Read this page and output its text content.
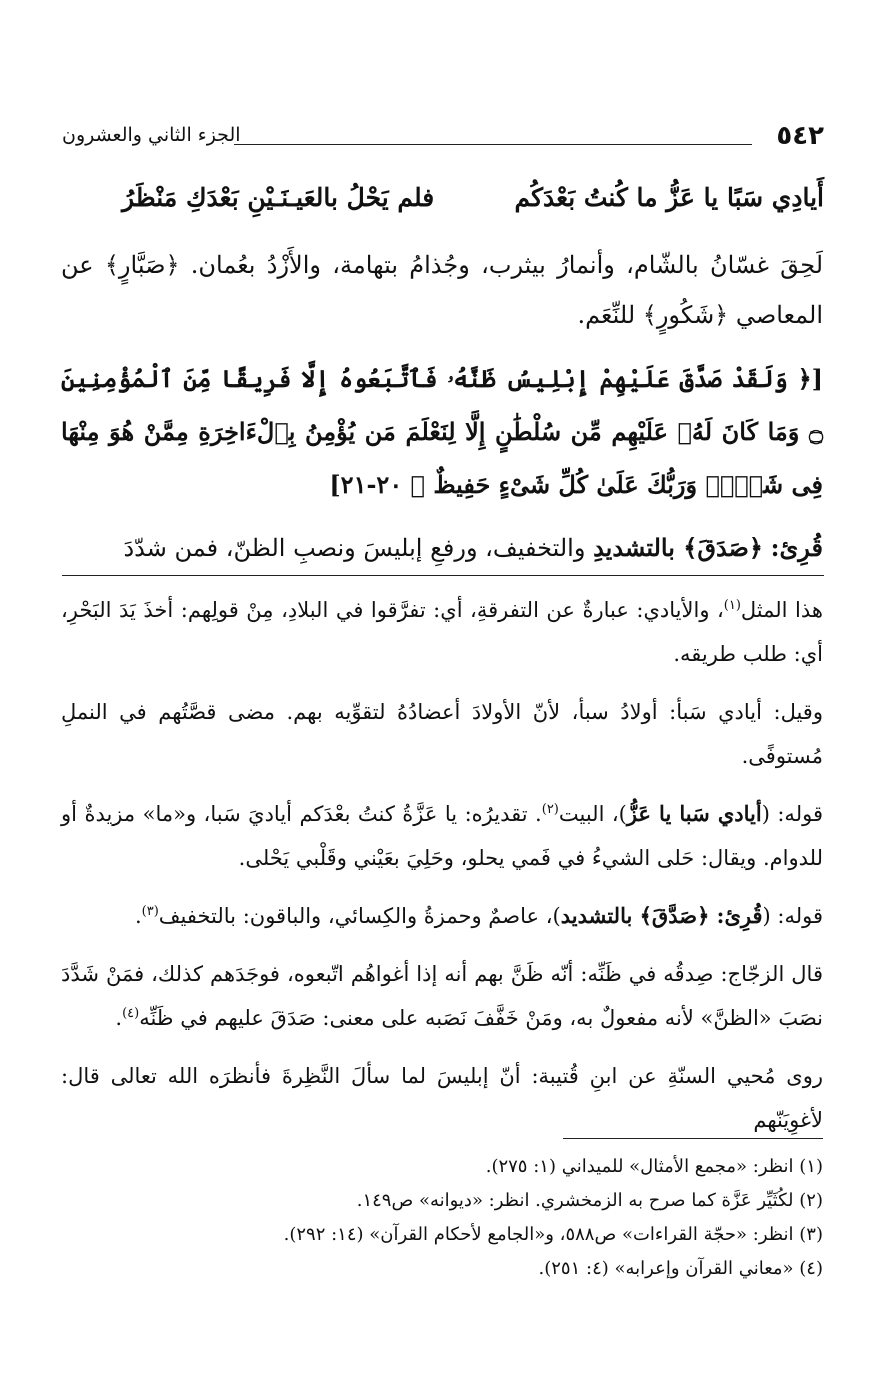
٥٤٢
الجزء الثاني والعشرون
أَيادِي سَبًا يا عَزُّ ما كُنتُ بَعْدَكُم
فلم يَحْلُ بالعَيـنَـيْنِ بَعْدَكِ مَنْظَرُ

لَحِقَ غسّانُ بالشّام، وأنمارُ بيثرب، وجُذامُ بتهامة، والأَزْدُ بعُمان. ﴿صَبَّارٍ﴾ عن المعاصي ﴿شَكُورٍ﴾ للنِّعَم.

[﴿ وَلَقَدْ صَدَّقَ عَلَيْهِمْ إِبْلِيسُ ظَنَّهُۥ فَٱتَّبَعُوهُ إِلَّا فَرِيقًا مِّنَ ٱلْمُؤْمِنِينَ ۝ وَمَا كَانَ لَهُۥ عَلَيْهِم مِّن سُلْطَٰنٍ إِلَّا لِنَعْلَمَ مَن يُؤْمِنُ بِٱلْءَاخِرَةِ مِمَّنْ هُوَ مِنْهَا فِى شَكٍّۗ وَرَبُّكَ عَلَىٰ كُلِّ شَىْءٍ حَفِيظٌ ﴾ ٢٠-٢١]

قُرِئ: ﴿صَدَقَ﴾ بالتشديدِ والتخفيف، ورفعِ إبليسَ ونصبِ الظنّ، فمن شدّدَ

هذا المثل$^{(١)}$، والأيادي: عبارةٌ عن التفرقةِ، أي: تفرَّقوا في البلادِ، مِنْ قولِهم: أخذَ يَدَ البَحْرِ، أي: طلب طريقه.

وقيل: أيادي سَبأ: أولادُ سبأ، لأنّ الأولادَ أعضادُهُ لتقوِّيه بهم. مضى قصَّتُهم في النملِ مُستوفًى.

قوله: (أيادي سَبا يا عَزُّ)، البيت$^{(٢)}$. تقديرُه: يا عَزَّةُ كنتُ بعْدَكم أياديَ سَبا، و«ما» مزيدةٌ أو للدوام. ويقال: حَلى الشيءُ في فَمي يحلو، وحَلِيَ بعَيْني وقَلْبي يَحْلى.

قوله: (قُرِئ: ﴿صَدَّقَ﴾ بالتشديد)، عاصمٌ وحمزةُ والكِسائي، والباقون: بالتخفيف$^{(٣)}$.

قال الزجّاج: صِدقُه في ظَنِّه: أنّه ظَنَّ بهم أنه إذا أغواهُم اتّبعوه، فوجَدَهم كذلك، فمَنْ شَدَّدَ نصَبَ «الظنَّ» لأنه مفعولٌ به، ومَنْ خَفَّفَ نَصَبه على معنى: صَدَقَ عليهم في ظَنِّه$^{(٤)}$.

روى مُحيي السنّةِ عن ابنِ قُتيبة: أنّ إبليسَ لما سألَ النَّظِرةَ فأنظرَه الله تعالى قال: لأغوِيَنّهم

(١) انظر: «مجمع الأمثال» للميداني (١: ٢٧٥).

(٢) لكُثَيِّر عَزَّة كما صرح به الزمخشري. انظر: «ديوانه» ص١٤٩.

(٣) انظر: «حجّة القراءات» ص٥٨٨، و«الجامع لأحكام القرآن» (١٤: ٢٩٢).

(٤) «معاني القرآن وإعرابه» (٤: ٢٥١).
